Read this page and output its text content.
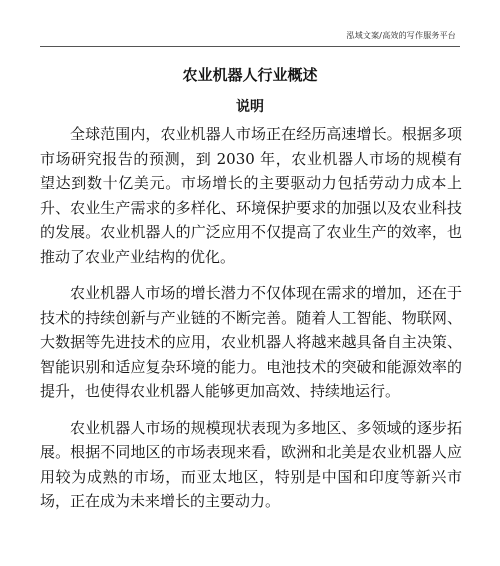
泓域文案/高效的写作服务平台
农业机器人行业概述
说明

全球范围内，农业机器人市场正在经历高速增长。根据多项市场研究报告的预测，到 2030 年，农业机器人市场的规模有望达到数十亿美元。市场增长的主要驱动力包括劳动力成本上升、农业生产需求的多样化、环境保护要求的加强以及农业科技的发展。农业机器人的广泛应用不仅提高了农业生产的效率，也推动了农业产业结构的优化。

农业机器人市场的增长潜力不仅体现在需求的增加，还在于技术的持续创新与产业链的不断完善。随着人工智能、物联网、大数据等先进技术的应用，农业机器人将越来越具备自主决策、智能识别和适应复杂环境的能力。电池技术的突破和能源效率的提升，也使得农业机器人能够更加高效、持续地运行。

农业机器人市场的规模现状表现为多地区、多领域的逐步拓展。根据不同地区的市场表现来看，欧洲和北美是农业机器人应用较为成熟的市场，而亚太地区，特别是中国和印度等新兴市场，正在成为未来增长的主要动力。
